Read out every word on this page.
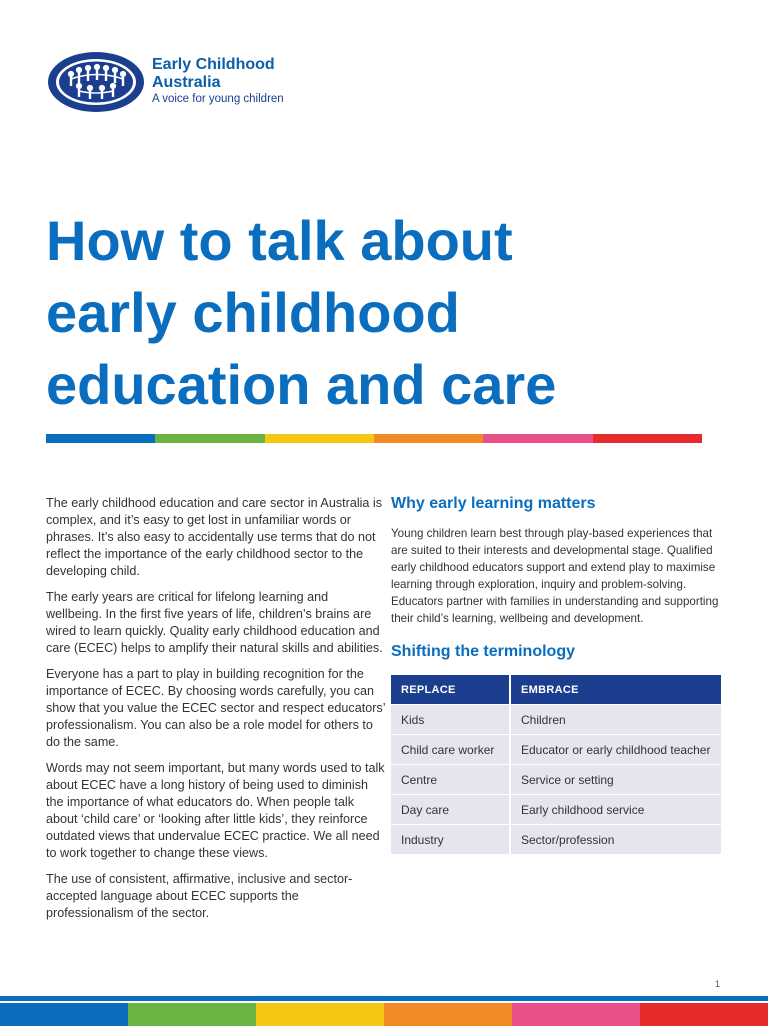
Early Childhood
Australia
A voice for young children
How to talk about
early childhood
education and care

The early childhood education and care sector in Australia is complex, and it’s easy to get lost in unfamiliar words or phrases. It’s also easy to accidentally use terms that do not reflect the importance of the early childhood sector to the developing child.

The early years are critical for lifelong learning and wellbeing. In the first five years of life, children’s brains are wired to learn quickly. Quality early childhood education and care (ECEC) helps to amplify their natural skills and abilities.

Everyone has a part to play in building recognition for the importance of ECEC. By choosing words carefully, you can show that you value the ECEC sector and respect educators’ professionalism. You can also be a role model for others to do the same.

Words may not seem important, but many words used to talk about ECEC have a long history of being used to diminish the importance of what educators do. When people talk about ‘child care’ or ‘looking after little kids’, they reinforce outdated views that undervalue ECEC practice. We all need to work together to change these views.

The use of consistent, affirmative, inclusive and sector-accepted language about ECEC supports the professionalism of the sector.

Why early learning matters

Young children learn best through play-based experiences that are suited to their interests and developmental stage. Qualified early childhood educators support and extend play to maximise learning through exploration, inquiry and problem-solving. Educators partner with families in understanding and supporting their child’s learning, wellbeing and development.

Shifting the terminology
REPLACE	EMBRACE
Kids	Children
Child care worker	Educator or early childhood teacher
Centre	Service or setting
Day care	Early childhood service
Industry	Sector/profession
1
